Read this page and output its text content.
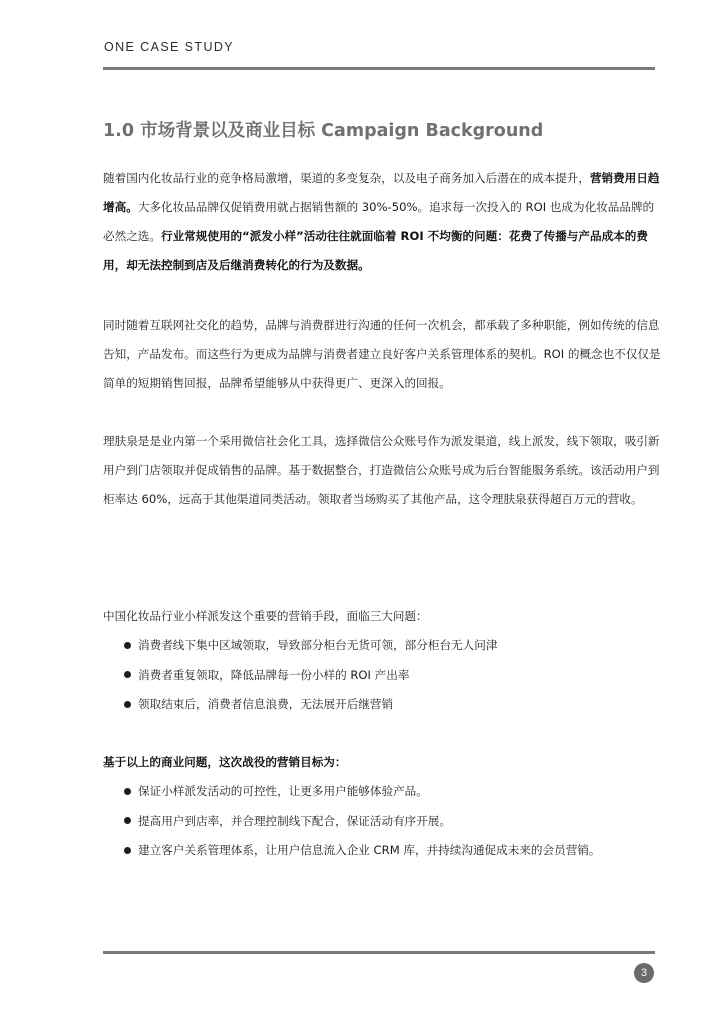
ONE CASE STUDY
1.0 市场背景以及商业目标 Campaign Background

随着国内化妆品行业的竞争格局激增，渠道的多变复杂，以及电子商务加入后潜在的成本提升，营销费用日趋增高。大多化妆品品牌仅促销费用就占据销售额的 30%-50%。追求每一次投入的 ROI 也成为化妆品品牌的必然之选。行业常规使用的“派发小样”活动往往就面临着 ROI 不均衡的问题：花费了传播与产品成本的费用，却无法控制到店及后继消费转化的行为及数据。

同时随着互联网社交化的趋势，品牌与消费群进行沟通的任何一次机会，都承载了多种职能，例如传统的信息告知，产品发布。而这些行为更成为品牌与消费者建立良好客户关系管理体系的契机。ROI 的概念也不仅仅是简单的短期销售回报，品牌希望能够从中获得更广、更深入的回报。

理肤泉是是业内第一个采用微信社会化工具，选择微信公众账号作为派发渠道，线上派发，线下领取，吸引新用户到门店领取并促成销售的品牌。基于数据整合，打造微信公众账号成为后台智能服务系统。该活动用户到柜率达 60%，远高于其他渠道同类活动。领取者当场购买了其他产品，这令理肤泉获得超百万元的营收。

中国化妆品行业小样派发这个重要的营销手段，面临三大问题：
消费者线下集中区域领取，导致部分柜台无货可领，部分柜台无人问津
消费者重复领取，降低品牌每一份小样的 ROI 产出率
领取结束后，消费者信息浪费，无法展开后继营销
基于以上的商业问题，这次战役的营销目标为：
保证小样派发活动的可控性，让更多用户能够体验产品。
提高用户到店率，并合理控制线下配合，保证活动有序开展。
建立客户关系管理体系，让用户信息流入企业 CRM 库，并持续沟通促成未来的会员营销。
3
